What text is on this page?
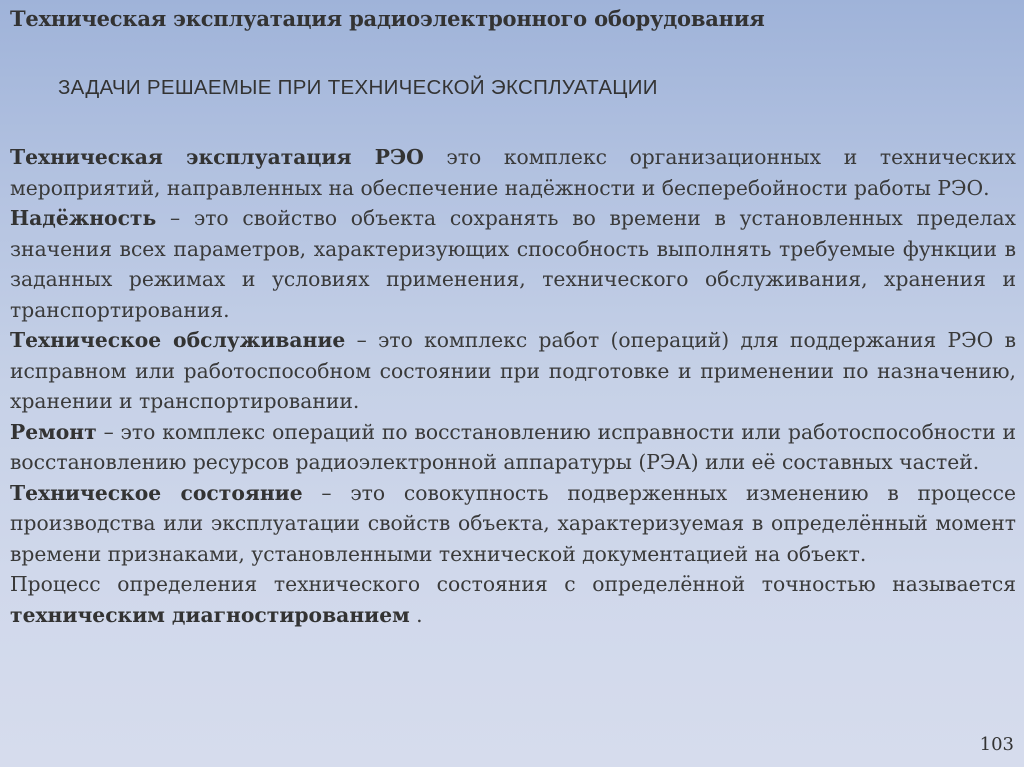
Техническая эксплуатация радиоэлектронного оборудования
ЗАДАЧИ РЕШАЕМЫЕ ПРИ ТЕХНИЧЕСКОЙ ЭКСПЛУАТАЦИИ

Техническая эксплуатация РЭО это комплекс организационных и технических мероприятий, направленных на обеспечение надёжности и бесперебойности работы РЭО.

Надёжность – это свойство объекта сохранять во времени в установленных пределах значения всех параметров, характеризующих способность выполнять требуемые функции в заданных режимах и условиях применения, технического обслуживания, хранения и транспортирования.

Техническое обслуживание – это комплекс работ (операций) для поддержания РЭО в исправном или работоспособном состоянии при подготовке и применении по назначению, хранении и транспортировании.

Ремонт – это комплекс операций по восстановлению исправности или работоспособности и восстановлению ресурсов радиоэлектронной аппаратуры (РЭА) или её составных частей.

Техническое состояние – это совокупность подверженных изменению в процессе производства или эксплуатации свойств объекта, характеризуемая в определённый момент времени признаками, установленными технической документацией на объект.

Процесс определения технического состояния с определённой точностью называется техническим диагностированием .

103
